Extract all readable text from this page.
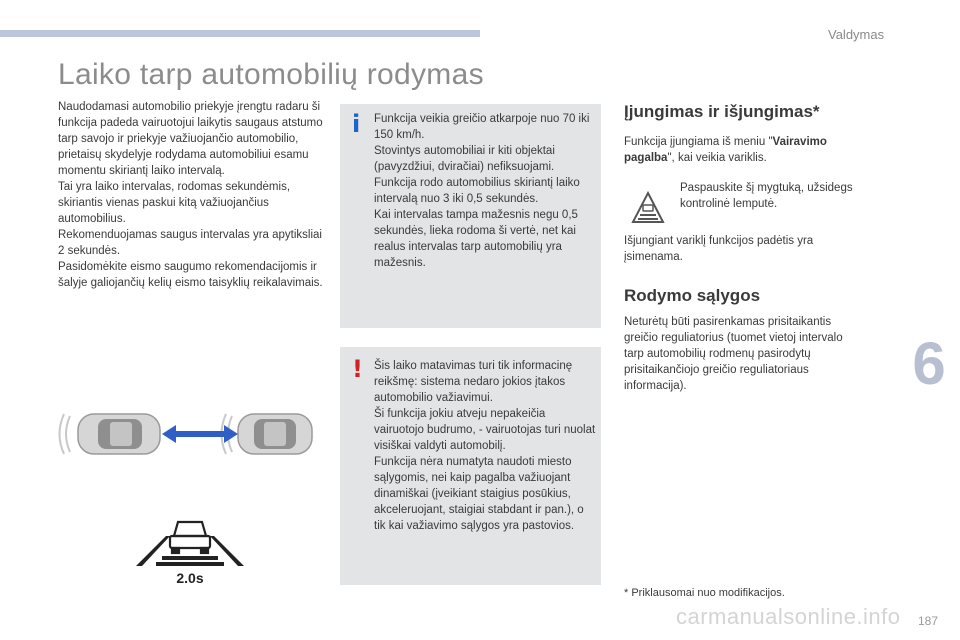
Valdymas
6
Laiko tarp automobilių rodymas

Naudodamasi automobilio priekyje įrengtu radaru ši funkcija padeda vairuotojui laikytis saugaus atstumo tarp savojo ir priekyje važiuojančio automobilio, prietaisų skydelyje rodydama automobiliui esamu momentu skiriantį laiko intervalą.
Tai yra laiko intervalas, rodomas sekundėmis, skiriantis vienas paskui kitą važiuojančius automobilius.
Rekomenduojamas saugus intervalas yra apytiksliai 2 sekundės.
Pasidomėkite eismo saugumo rekomendacijomis ir šalyje galiojančių kelių eismo taisyklių reikalavimais.

2.0s
i Funkcija veikia greičio atkarpoje nuo 70 iki 150 km/h.
Stovintys automobiliai ir kiti objektai (pavyzdžiui, dviračiai) nefiksuojami.
Funkcija rodo automobilius skiriantį laiko intervalą nuo 3 iki 0,5 sekundės.
Kai intervalas tampa mažesnis negu 0,5 sekundės, lieka rodoma ši vertė, net kai realus intervalas tarp automobilių yra mažesnis.

! Šis laiko matavimas turi tik informacinę reikšmę: sistema nedaro jokios įtakos automobilio važiavimui.
Ši funkcija jokiu atveju nepakeičia vairuotojo budrumo, - vairuotojas turi nuolat visiškai valdyti automobilį.
Funkcija nėra numatyta naudoti miesto sąlygomis, nei kaip pagalba važiuojant dinamiškai (įveikiant staigius posūkius, akceleruojant, staigiai stabdant ir pan.), o tik kai važiavimo sąlygos yra pastovios.

Įjungimas ir išjungimas*

Funkcija įjungiama iš meniu "Vairavimo pagalba", kai veikia variklis.

Paspauskite šį mygtuką, užsidegs kontrolinė lemputė.

Išjungiant variklį funkcijos padėtis yra įsimenama.

Rodymo sąlygos

Neturėtų būti pasirenkamas prisitaikantis greičio reguliatorius (tuomet vietoj intervalo tarp automobilių rodmenų pasirodytų prisitaikančiojo greičio reguliatoriaus informacija).

* Priklausomai nuo modifikacijos.

carmanualsonline.info 187
